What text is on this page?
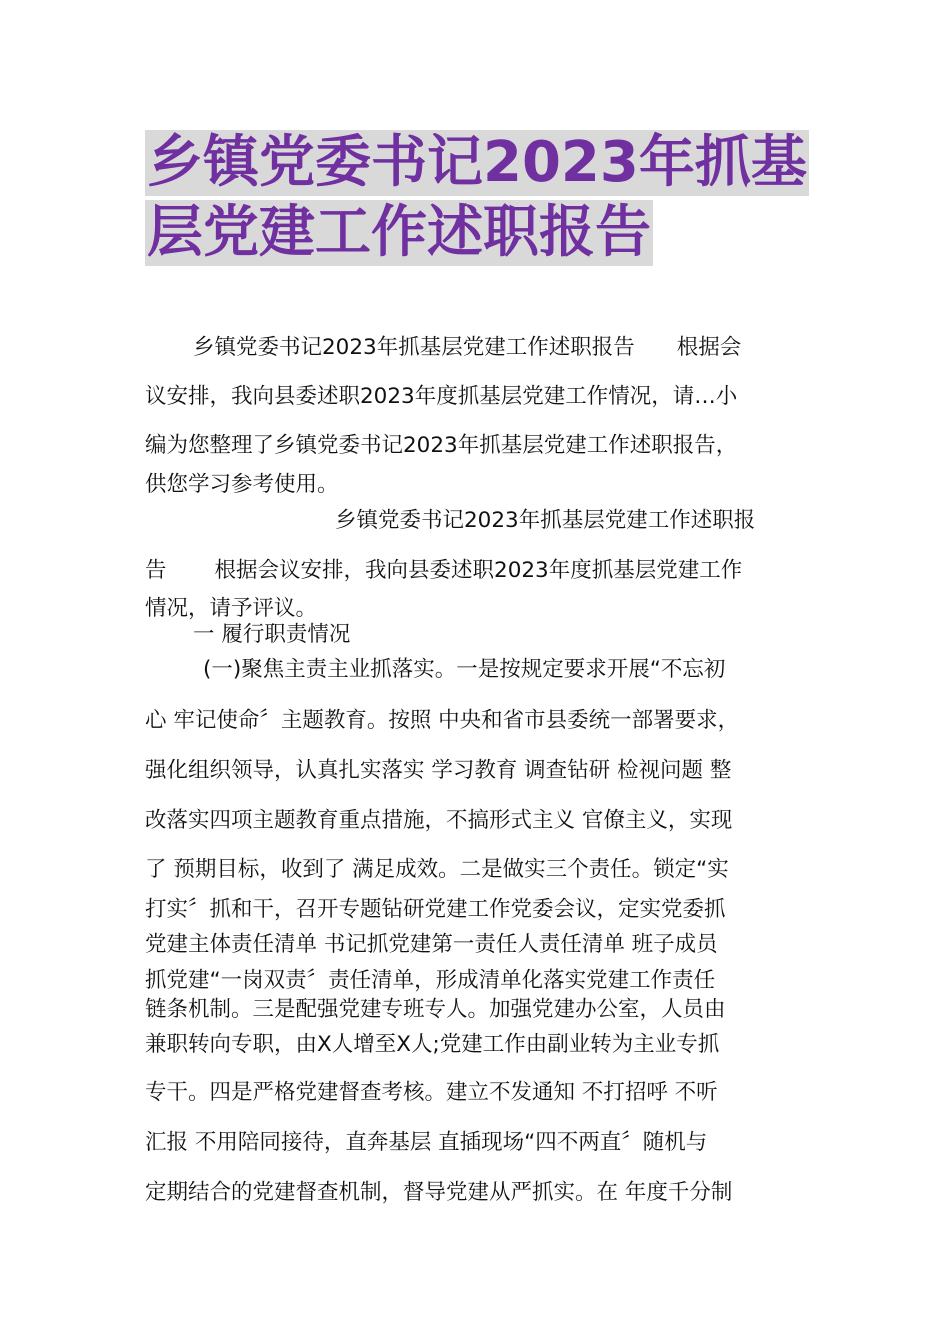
乡镇党委书记2023年抓基
层党建工作述职报告
乡镇党委书记2023年抓基层党建工作述职报告 根据会
议安排，我向县委述职2023年度抓基层党建工作情况，请…小
编为您整理了乡镇党委书记2023年抓基层党建工作述职报告，
供您学习参考使用。
乡镇党委书记2023年抓基层党建工作述职报
告 根据会议安排，我向县委述职2023年度抓基层党建工作
情况，请予评议。
一 履行职责情况
(一)聚焦主责主业抓落实。一是按规定要求开展“不忘初
心 牢记使命〞主题教育。按照 中央和省市县委统一部署要求，
强化组织领导，认真扎实落实 学习教育 调查钻研 检视问题 整
改落实四项主题教育重点措施，不搞形式主义 官僚主义，实现
了 预期目标，收到了 满足成效。二是做实三个责任。锁定“实
打实〞抓和干，召开专题钻研党建工作党委会议，定实党委抓
党建主体责任清单 书记抓党建第一责任人责任清单 班子成员
抓党建“一岗双责〞责任清单，形成清单化落实党建工作责任
链条机制。三是配强党建专班专人。加强党建办公室，人员由
兼职转向专职，由X人增至X人;党建工作由副业转为主业专抓
专干。四是严格党建督查考核。建立不发通知 不打招呼 不听
汇报 不用陪同接待，直奔基层 直插现场“四不两直〞随机与
定期结合的党建督查机制，督导党建从严抓实。在 年度千分制
